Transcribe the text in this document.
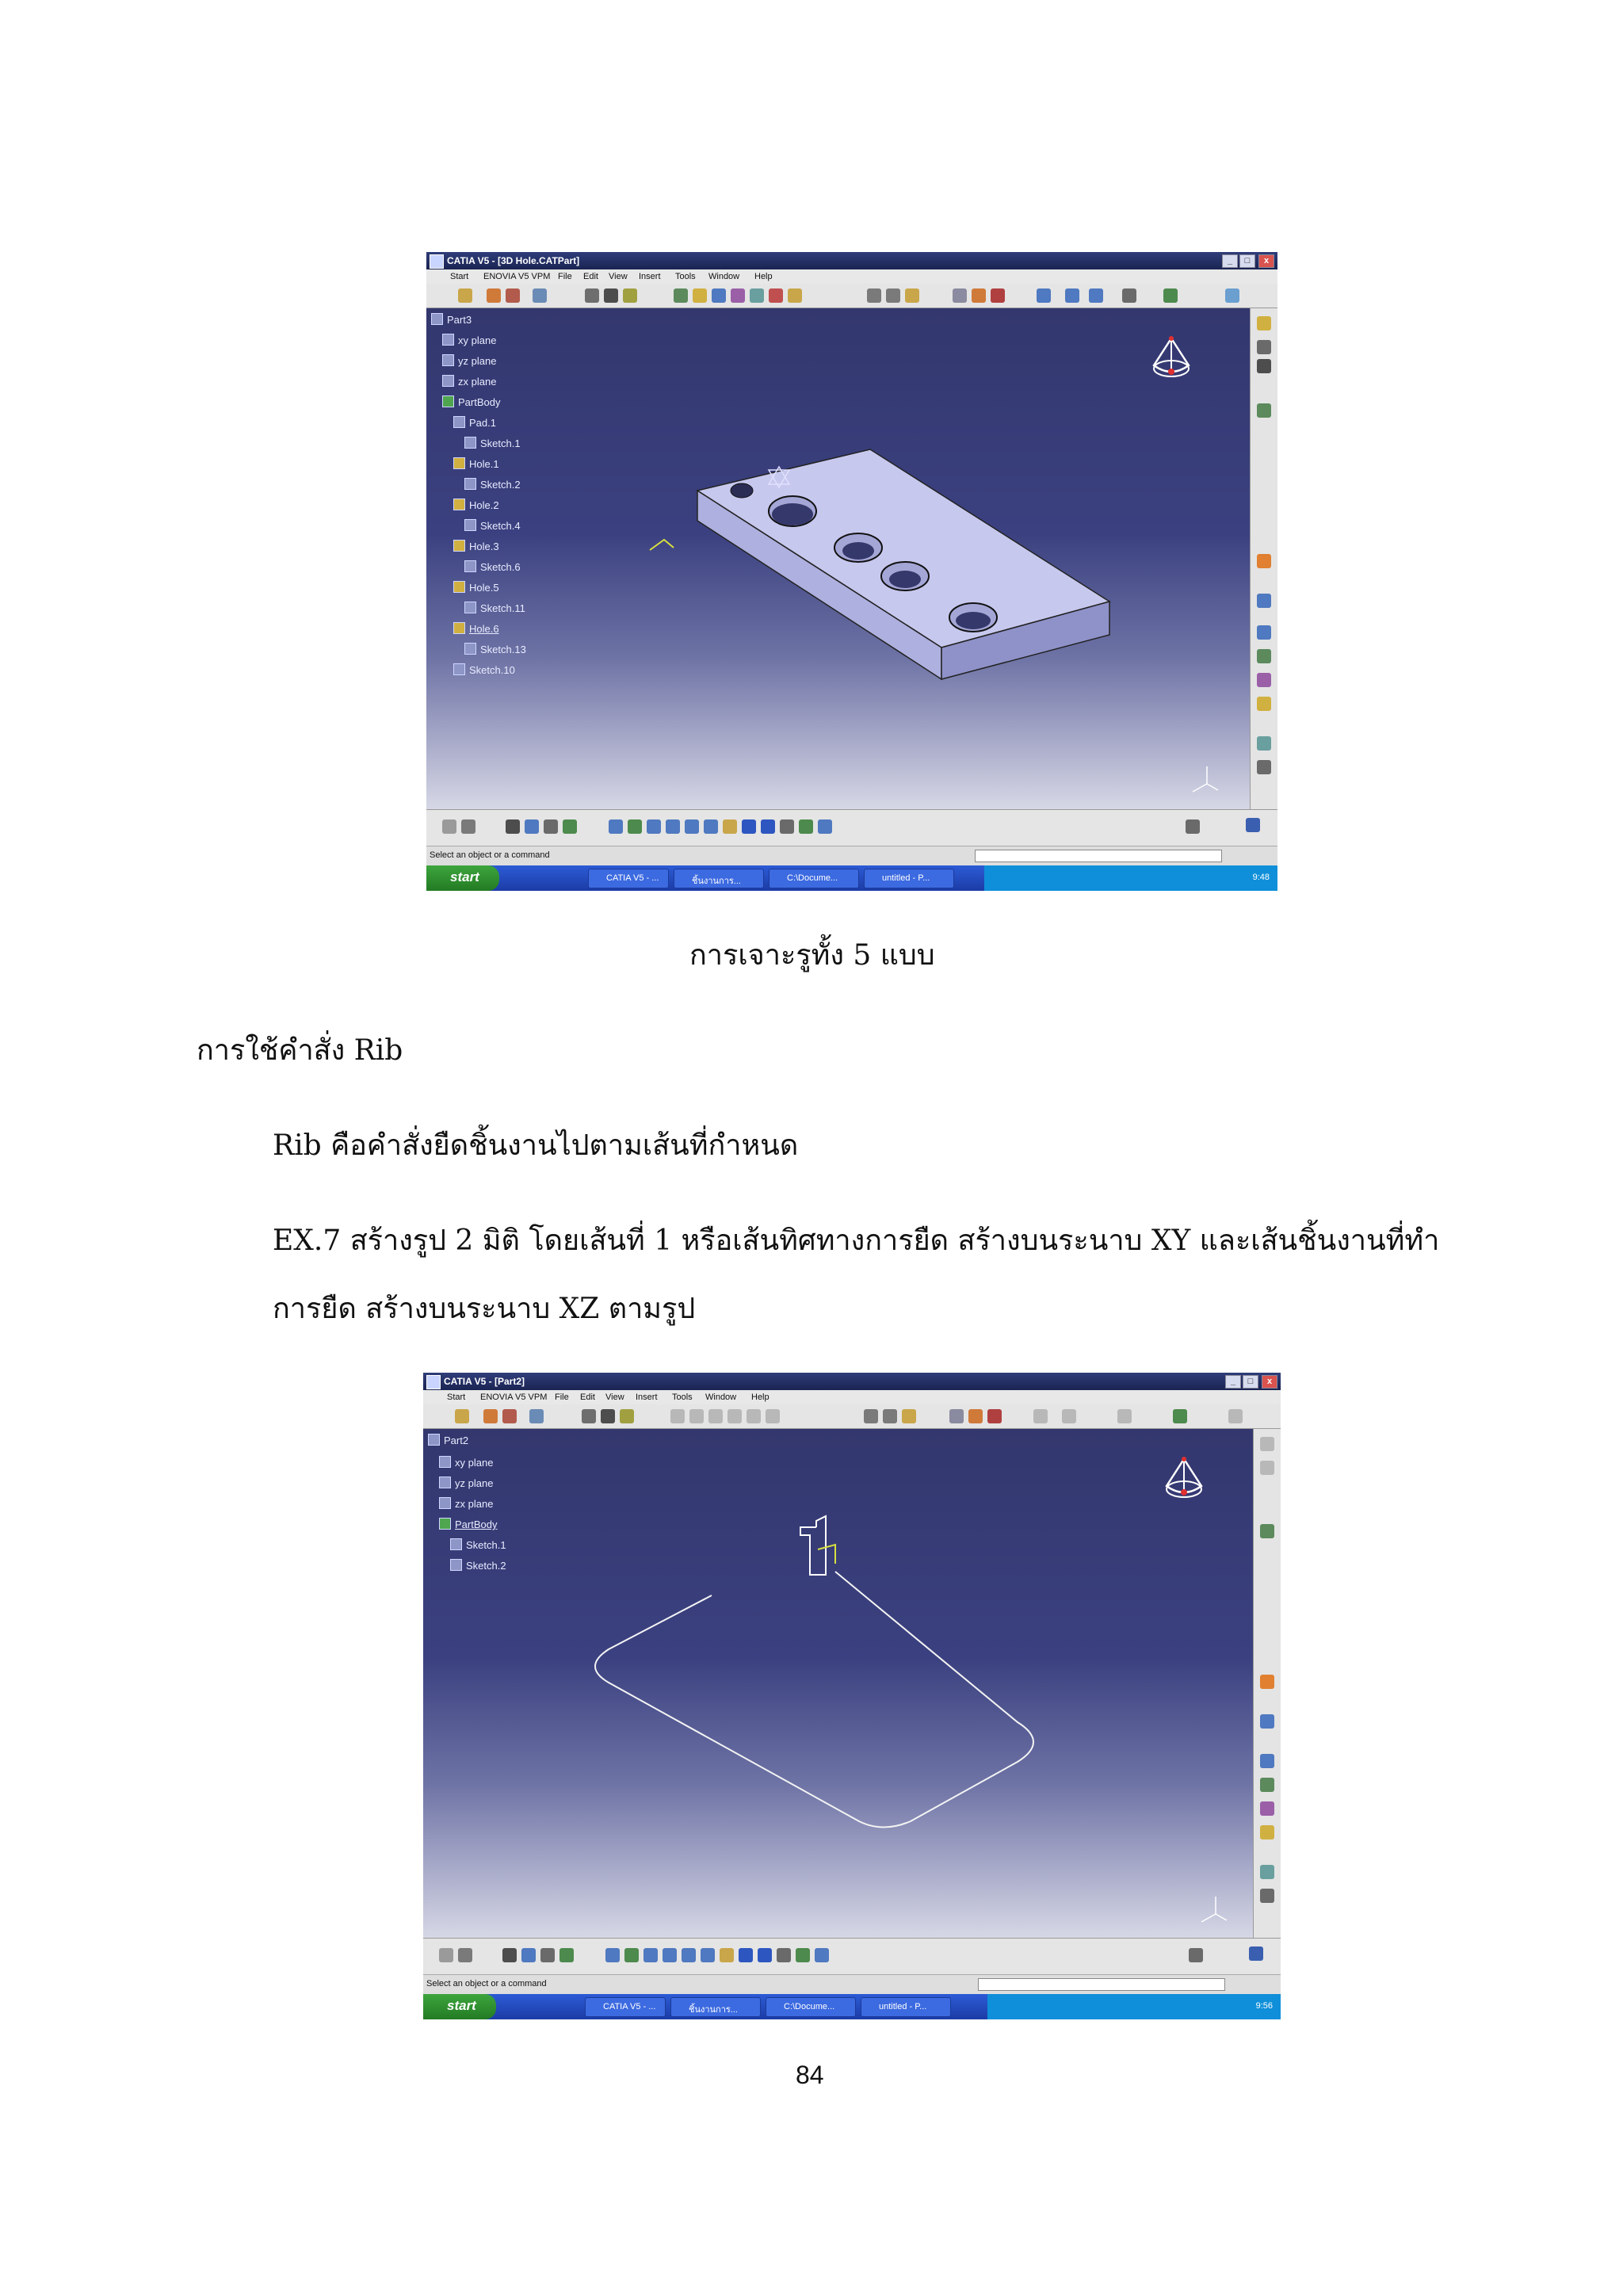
CATIA V5 - [3D Hole.CATPart]	_	□	x
Start ENOVIA V5 VPM File Edit View Insert Tools Window Help
Part3
xy plane
yz plane
zx plane
PartBody
Pad.1
Sketch.1
Hole.1
Sketch.2
Hole.2
Sketch.4
Hole.3
Sketch.6
Hole.5
Sketch.11
Hole.6
Sketch.13
Sketch.10
Select an object or a command
start	CATIA V5 - ...	ชิ้นงานการ...	C:\Docume...	untitled - P...	9:48
การเจาะรูทั้ง 5 แบบ
การใช้คำสั่ง Rib
Rib คือคำสั่งยืดชิ้นงานไปตามเส้นที่กำหนด
EX.7 สร้างรูป 2 มิติ โดยเส้นที่ 1 หรือเส้นทิศทางการยืด สร้างบนระนาบ XY และเส้นชิ้นงานที่ทำ
การยืด สร้างบนระนาบ XZ ตามรูป
CATIA V5 - [Part2]	_	□	x
Start ENOVIA V5 VPM File Edit View Insert Tools Window Help
Part2
xy plane
yz plane
zx plane
PartBody
Sketch.1
Sketch.2
Select an object or a command
start	CATIA V5 - ...	ชิ้นงานการ...	C:\Docume...	untitled - P...	9:56
84
